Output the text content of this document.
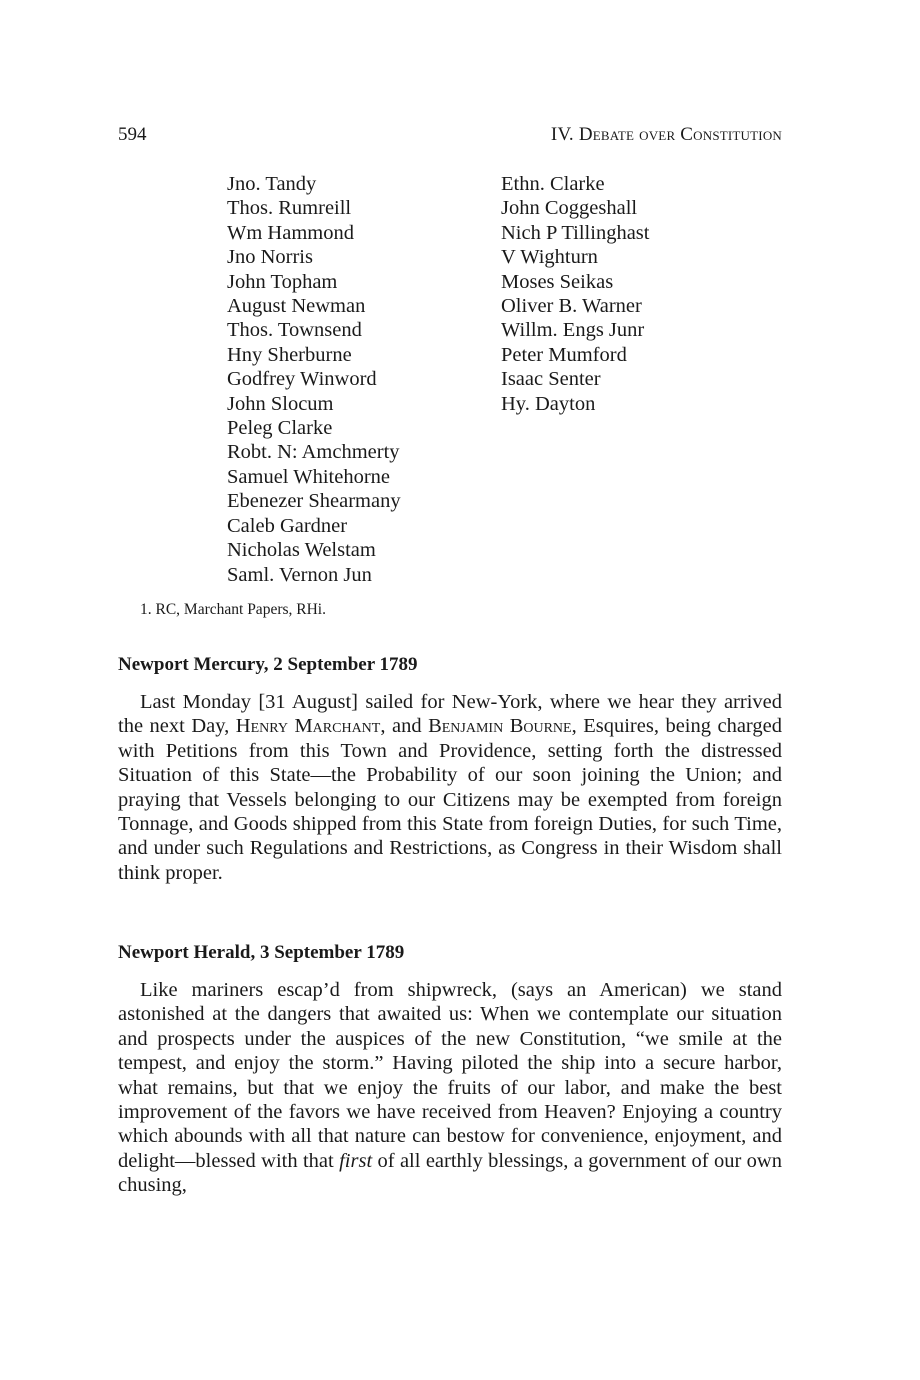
594	IV. Debate over Constitution
Jno. Tandy
Thos. Rumreill
Wm Hammond
Jno Norris
John Topham
August Newman
Thos. Townsend
Hny Sherburne
Godfrey Winword
John Slocum
Peleg Clarke
Robt. N: Amchmerty
Samuel Whitehorne
Ebenezer Shearmany
Caleb Gardner
Nicholas Welstam
Saml. Vernon Jun
Ethn. Clarke
John Coggeshall
Nich P Tillinghast
V Wighturn
Moses Seikas
Oliver B. Warner
Willm. Engs Junr
Peter Mumford
Isaac Senter
Hy. Dayton
1. RC, Marchant Papers, RHi.
Newport Mercury, 2 September 1789

Last Monday [31 August] sailed for New-York, where we hear they arrived the next Day, Henry Marchant, and Benjamin Bourne, Esquires, being charged with Petitions from this Town and Providence, setting forth the distressed Situation of this State—the Probability of our soon joining the Union; and praying that Vessels belonging to our Citizens may be exempted from foreign Tonnage, and Goods shipped from this State from foreign Duties, for such Time, and under such Regulations and Restrictions, as Congress in their Wisdom shall think proper.

Newport Herald, 3 September 1789

Like mariners escap’d from shipwreck, (says an American) we stand astonished at the dangers that awaited us: When we contemplate our situation and prospects under the auspices of the new Constitution, “we smile at the tempest, and enjoy the storm.” Having piloted the ship into a secure harbor, what remains, but that we enjoy the fruits of our labor, and make the best improvement of the favors we have received from Heaven? Enjoying a country which abounds with all that nature can bestow for convenience, enjoyment, and delight—blessed with that first of all earthly blessings, a government of our own chusing,
